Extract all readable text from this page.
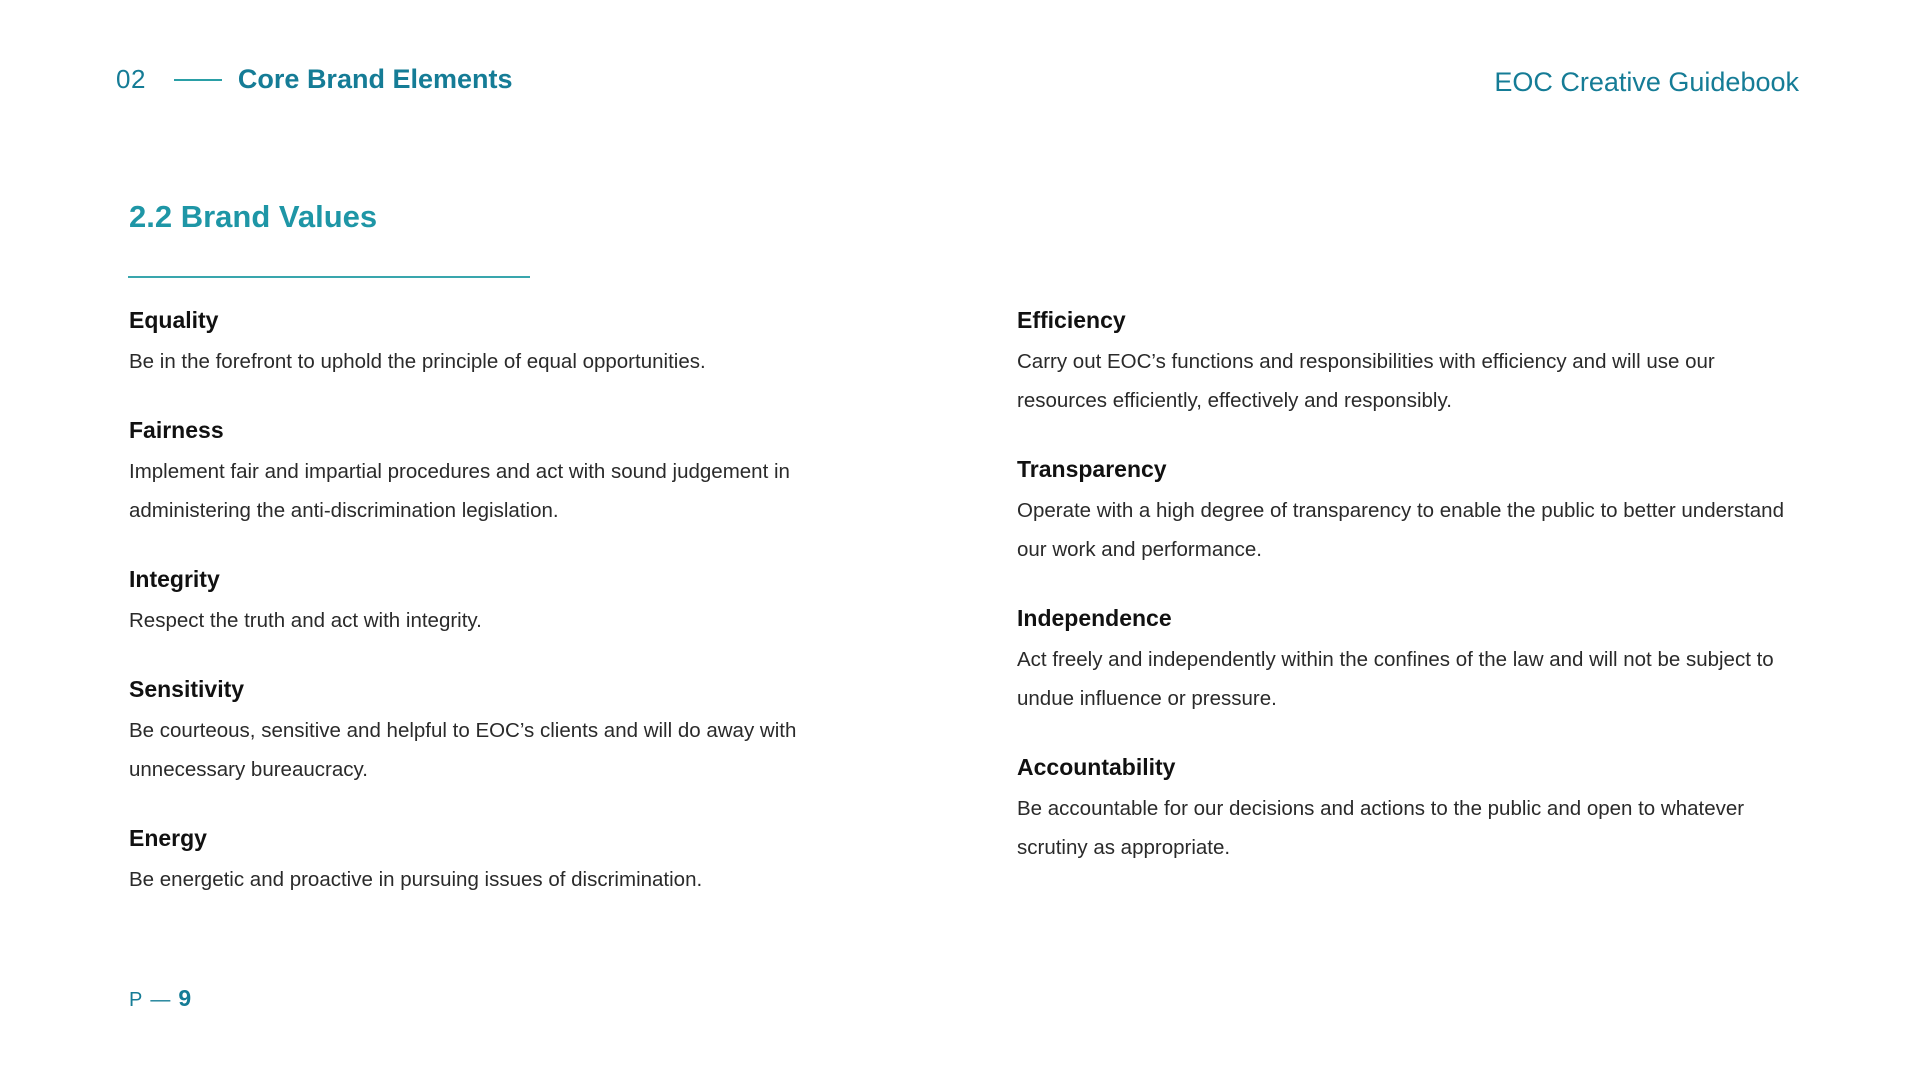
02	Core Brand Elements	EOC Creative Guidebook
2.2 Brand Values
Equality
Be in the forefront to uphold the principle of equal opportunities.
Fairness
Implement fair and impartial procedures and act with sound judgement in administering the anti-discrimination legislation.
Integrity
Respect the truth and act with integrity.
Sensitivity
Be courteous, sensitive and helpful to EOC’s clients and will do away with unnecessary bureaucracy.
Energy
Be energetic and proactive in pursuing issues of discrimination.
Efficiency
Carry out EOC’s functions and responsibilities with efficiency and will use our resources efficiently, effectively and responsibly.
Transparency
Operate with a high degree of transparency to enable the public to better understand our work and performance.
Independence
Act freely and independently within the confines of the law and will not be subject to undue influence or pressure.
Accountability
Be accountable for our decisions and actions to the public and open to whatever scrutiny as appropriate.
P — 9
